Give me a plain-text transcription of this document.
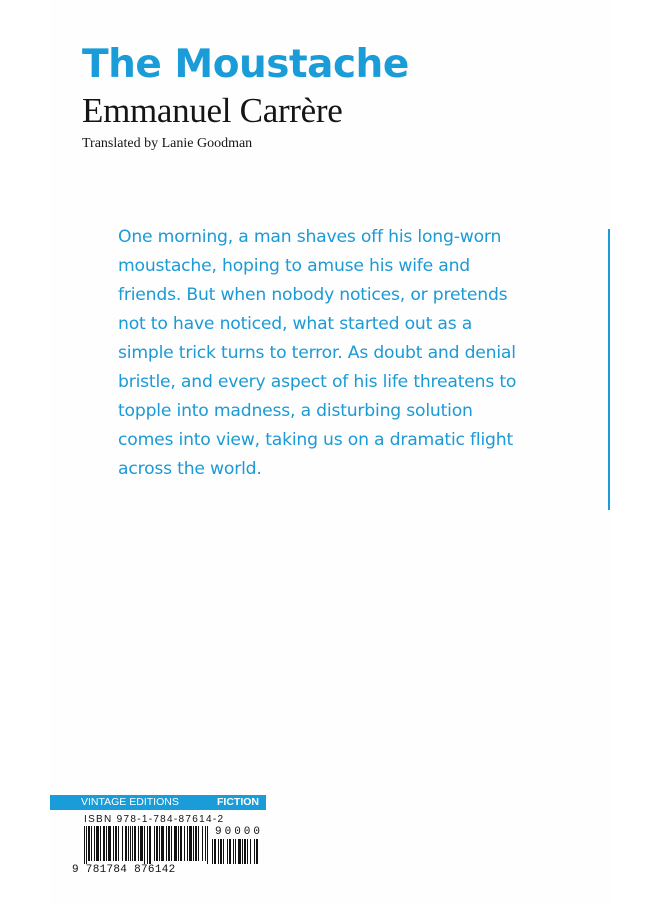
The Moustache
Emmanuel Carrère
Translated by Lanie Goodman

One morning, a man shaves off his long-worn
moustache, hoping to amuse his wife and
friends. But when nobody notices, or pretends
not to have noticed, what started out as a
simple trick turns to terror. As doubt and denial
bristle, and every aspect of his life threatens to
topple into madness, a disturbing solution
comes into view, taking us on a dramatic flight
across the world.

VINTAGE EDITIONS	FICTION
ISBN 978-1-784-87614-2
90000
9 781784 876142
